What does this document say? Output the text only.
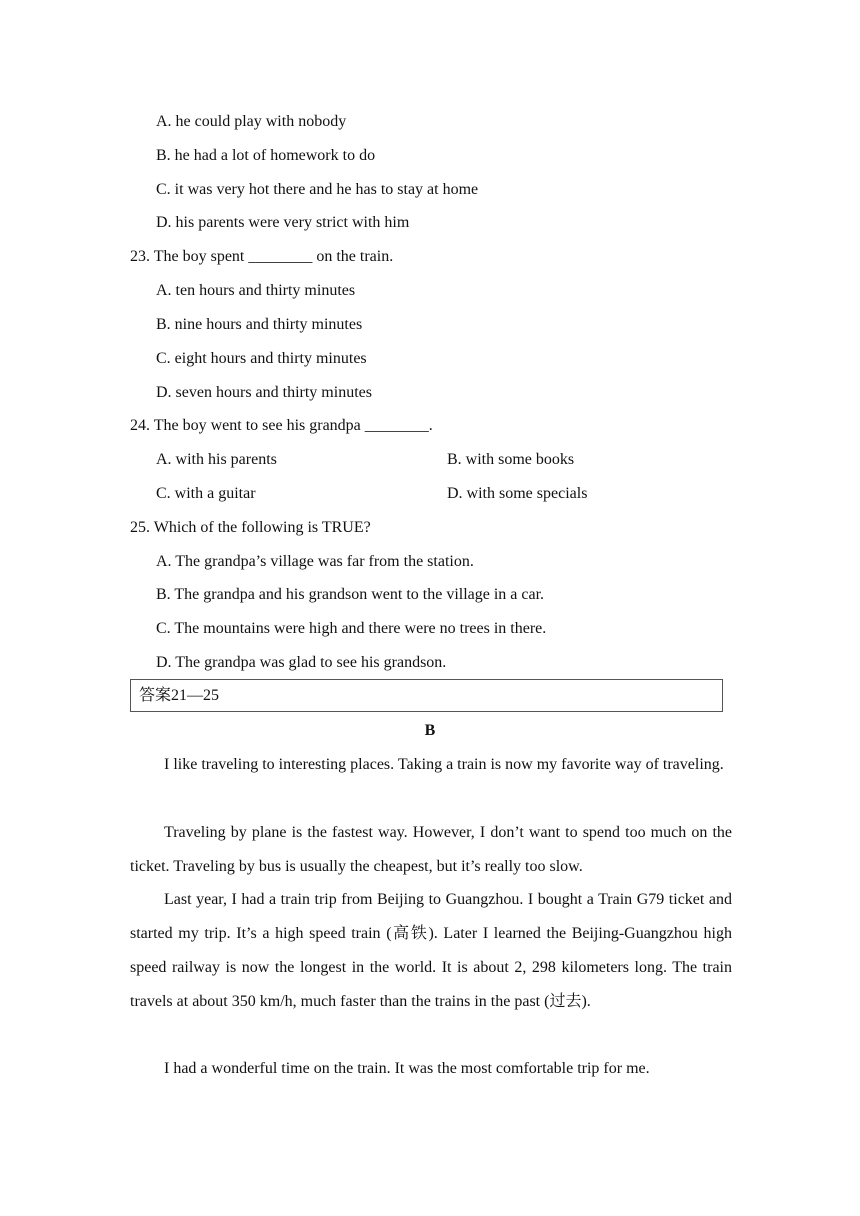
A. he could play with nobody
B. he had a lot of homework to do
C. it was very hot there and he has to stay at home
D. his parents were very strict with him
23. The boy spent ________ on the train.
A. ten hours and thirty minutes
B. nine hours and thirty minutes
C. eight hours and thirty minutes
D. seven hours and thirty minutes
24. The boy went to see his grandpa ________.
A. with his parents	B. with some books
C. with a guitar	D. with some specials
25. Which of the following is TRUE?
A. The grandpa’s village was far from the station.
B. The grandpa and his grandson went to the village in a car.
C. The mountains were high and there were no trees in there.
D. The grandpa was glad to see his grandson.
答案21—25
B

I like traveling to interesting places. Taking a train is now my favorite way of traveling.

Traveling by plane is the fastest way. However, I don’t want to spend too much on the ticket. Traveling by bus is usually the cheapest, but it’s really too slow.

Last year, I had a train trip from Beijing to Guangzhou. I bought a Train G79 ticket and started my trip. It’s a high speed train (高铁). Later I learned the Beijing-Guangzhou high speed railway is now the longest in the world. It is about 2, 298 kilometers long. The train travels at about 350 km/h, much faster than the trains in the past (过去).

I had a wonderful time on the train. It was the most comfortable trip for me.
